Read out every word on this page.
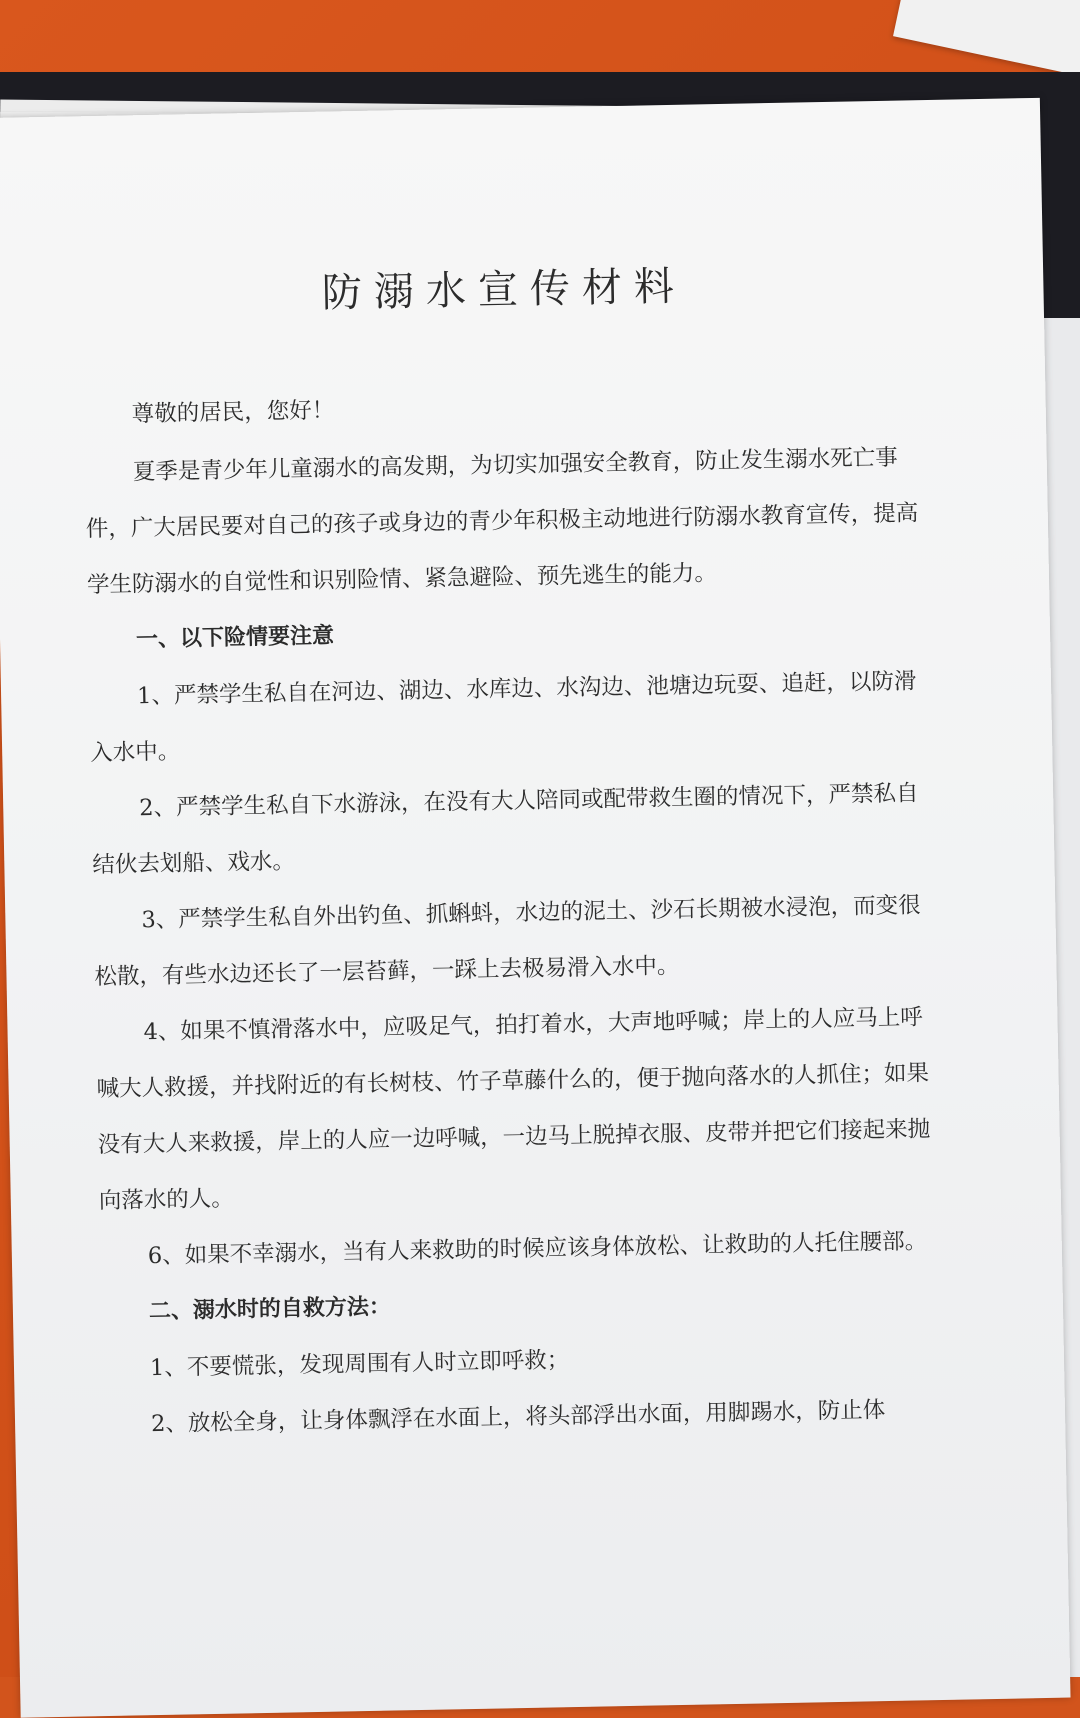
防溺水宣传材料

尊敬的居民，您好！

夏季是青少年儿童溺水的高发期，为切实加强安全教育，防止发生溺水死亡事件，广大居民要对自己的孩子或身边的青少年积极主动地进行防溺水教育宣传，提高学生防溺水的自觉性和识别险情、紧急避险、预先逃生的能力。

一、以下险情要注意

1、严禁学生私自在河边、湖边、水库边、水沟边、池塘边玩耍、追赶，以防滑入水中。

2、严禁学生私自下水游泳，在没有大人陪同或配带救生圈的情况下，严禁私自结伙去划船、戏水。

3、严禁学生私自外出钓鱼、抓蝌蚪，水边的泥土、沙石长期被水浸泡，而变很松散，有些水边还长了一层苔藓，一踩上去极易滑入水中。

4、如果不慎滑落水中，应吸足气，拍打着水，大声地呼喊；岸上的人应马上呼喊大人救援，并找附近的有长树枝、竹子草藤什么的，便于抛向落水的人抓住；如果没有大人来救援，岸上的人应一边呼喊，一边马上脱掉衣服、皮带并把它们接起来抛向落水的人。

6、如果不幸溺水，当有人来救助的时候应该身体放松、让救助的人托住腰部。

二、溺水时的自救方法：

1、不要慌张，发现周围有人时立即呼救；

2、放松全身，让身体飘浮在水面上，将头部浮出水面，用脚踢水，防止体
